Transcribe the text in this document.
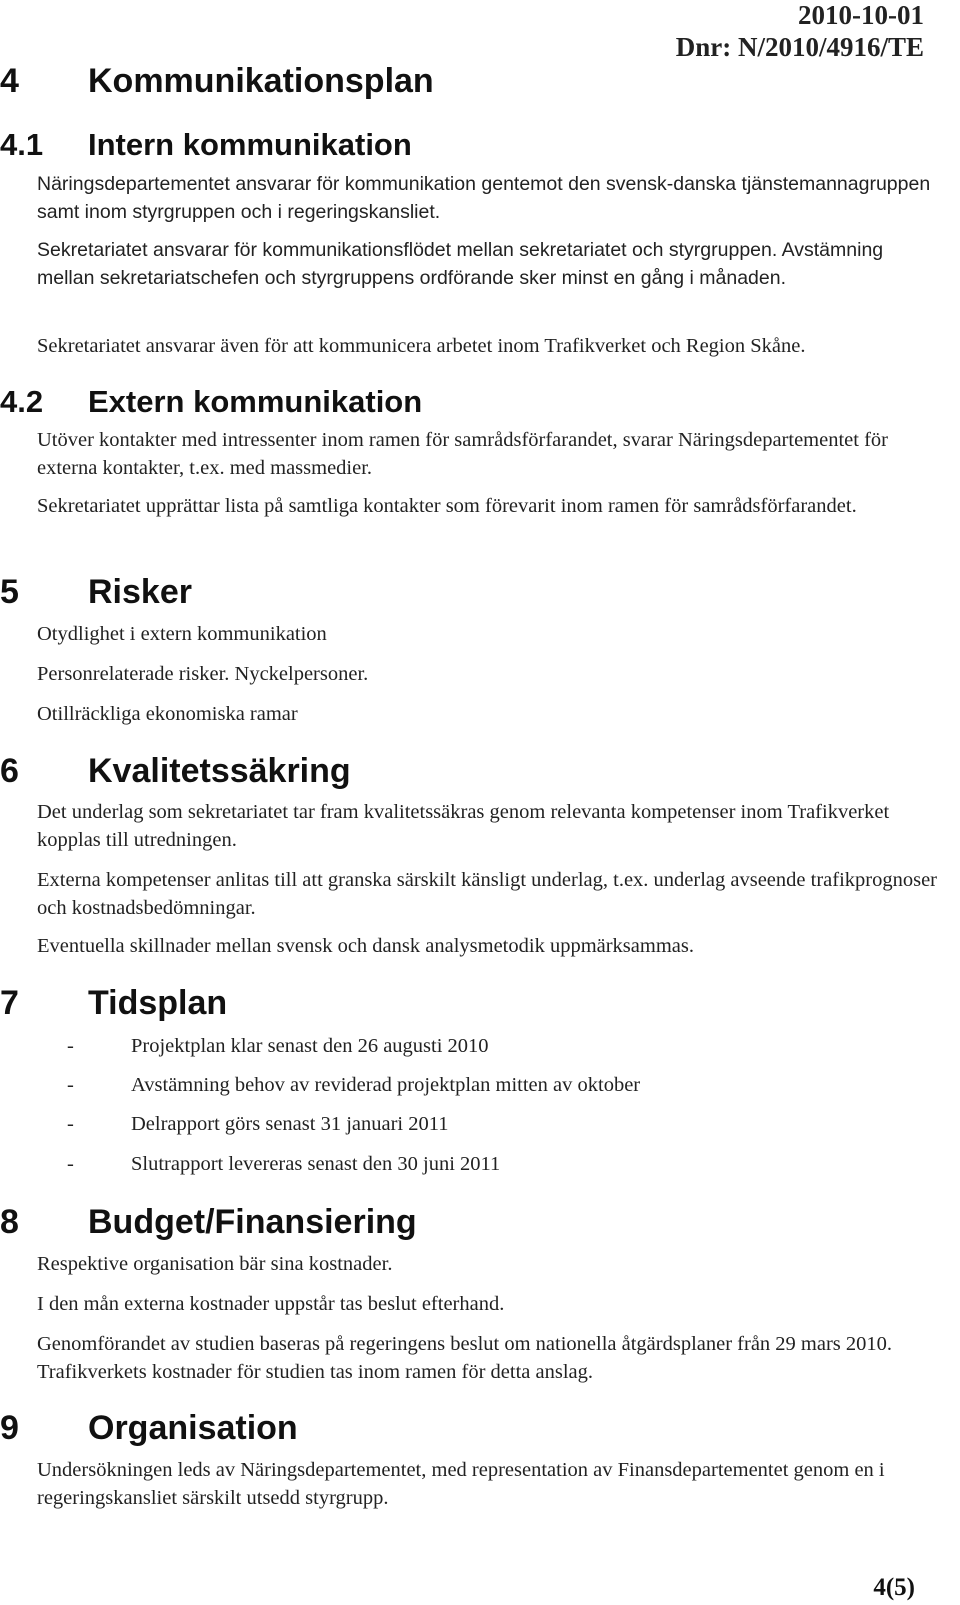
2010-10-01
Dnr: N/2010/4916/TE
4 Kommunikationsplan
4.1 Intern kommunikation

Näringsdepartementet ansvarar för kommunikation gentemot den svensk-danska tjänstemannagruppen samt inom styrgruppen och i regeringskansliet.

Sekretariatet ansvarar för kommunikationsflödet mellan sekretariatet och styrgruppen. Avstämning mellan sekretariatschefen och styrgruppens ordförande sker minst en gång i månaden.

Sekretariatet ansvarar även för att kommunicera arbetet inom Trafikverket och Region Skåne.

4.2 Extern kommunikation

Utöver kontakter med intressenter inom ramen för samrådsförfarandet, svarar Näringsdepartementet för externa kontakter, t.ex. med massmedier.

Sekretariatet upprättar lista på samtliga kontakter som förevarit inom ramen för samrådsförfarandet.

5 Risker

Otydlighet i extern kommunikation

Personrelaterade risker. Nyckelpersoner.

Otillräckliga ekonomiska ramar

6 Kvalitetssäkring

Det underlag som sekretariatet tar fram kvalitetssäkras genom relevanta kompetenser inom Trafikverket kopplas till utredningen.

Externa kompetenser anlitas till att granska särskilt känsligt underlag, t.ex. underlag avseende trafikprognoser och kostnadsbedömningar.

Eventuella skillnader mellan svensk och dansk analysmetodik uppmärksammas.

7 Tidsplan
-	Projektplan klar senast den 26 augusti 2010
-	Avstämning behov av reviderad projektplan mitten av oktober
-	Delrapport görs senast 31 januari 2011
-	Slutrapport levereras senast den 30 juni 2011
8 Budget/Finansiering

Respektive organisation bär sina kostnader.

I den mån externa kostnader uppstår tas beslut efterhand.

Genomförandet av studien baseras på regeringens beslut om nationella åtgärdsplaner från 29 mars 2010. Trafikverkets kostnader för studien tas inom ramen för detta anslag.

9 Organisation

Undersökningen leds av Näringsdepartementet, med representation av Finansdepartementet genom en i regeringskansliet särskilt utsedd styrgrupp.

4(5)
